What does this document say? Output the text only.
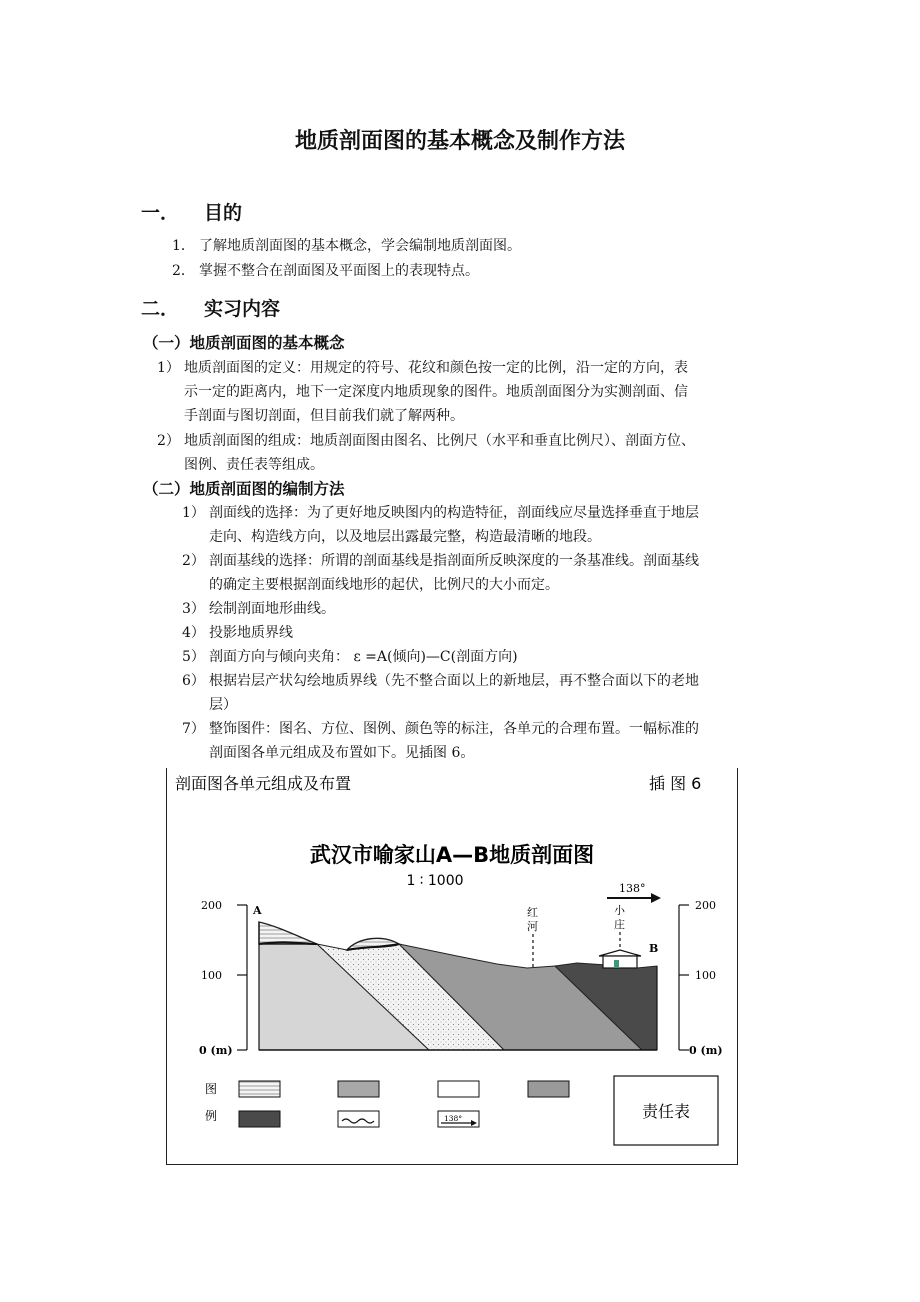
地质剖面图的基本概念及制作方法
一． 目的
1． 了解地质剖面图的基本概念，学会编制地质剖面图。
2． 掌握不整合在剖面图及平面图上的表现特点。
二． 实习内容
（一）地质剖面图的基本概念
1） 地质剖面图的定义：用规定的符号、花纹和颜色按一定的比例，沿一定的方向，表
示一定的距离内，地下一定深度内地质现象的图件。地质剖面图分为实测剖面、信
手剖面与图切剖面，但目前我们就了解两种。
2） 地质剖面图的组成：地质剖面图由图名、比例尺（水平和垂直比例尺）、剖面方位、
图例、责任表等组成。
（二）地质剖面图的编制方法
1） 剖面线的选择：为了更好地反映图内的构造特征，剖面线应尽量选择垂直于地层
走向、构造线方向，以及地层出露最完整，构造最清晰的地段。
2） 剖面基线的选择：所谓的剖面基线是指剖面所反映深度的一条基准线。剖面基线
的确定主要根据剖面线地形的起伏，比例尺的大小而定。
3） 绘制剖面地形曲线。
4） 投影地质界线
5） 剖面方向与倾向夹角： ε =A(倾向)—C(剖面方向)
6） 根据岩层产状勾绘地质界线（先不整合面以上的新地层，再不整合面以下的老地
层）
7） 整饰图件：图名、方位、图例、颜色等的标注，各单元的合理布置。一幅标准的
剖面图各单元组成及布置如下。见插图 6。
剖面图各单元组成及布置	插 图 6
武汉市喻家山A—B地质剖面图
1 ∶ 1000	138°
200
100
0 (m)
200
100
0 (m)
A
B
红
河
小
庄
图
例	138°	责任表
